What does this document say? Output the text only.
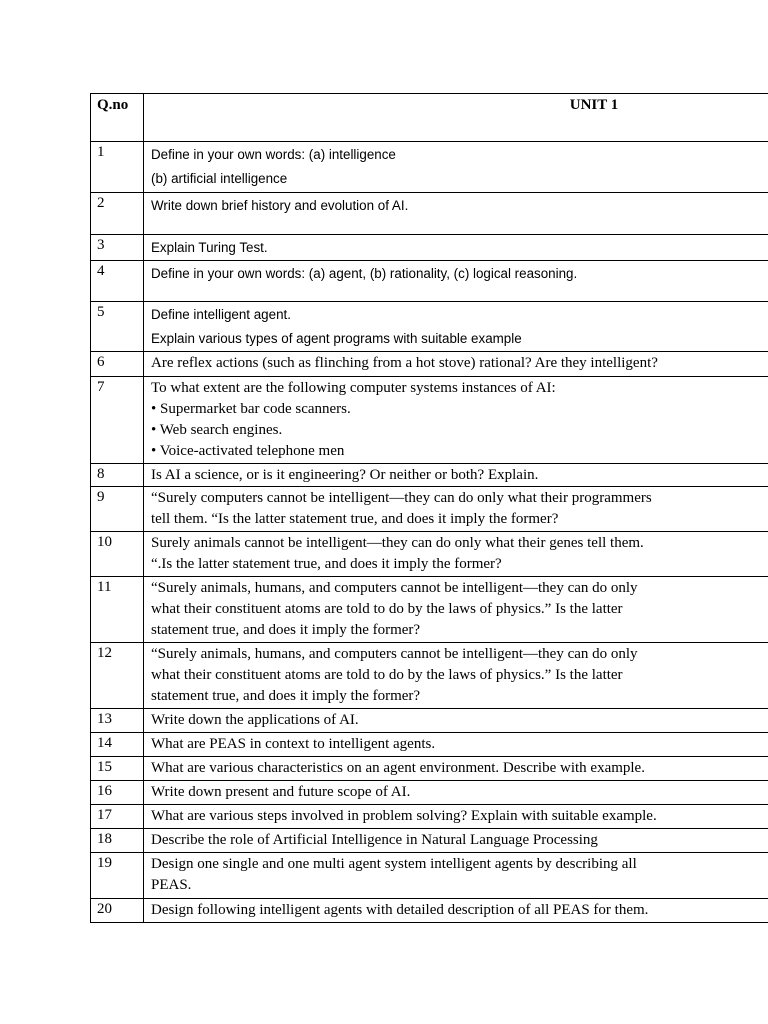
Q.no	UNIT 1
1	Define in your own words: (a) intelligence
(b) artificial intelligence

2	Write down brief history and evolution of AI.

3	Explain Turing Test.

4	Define in your own words: (a) agent, (b) rationality, (c) logical reasoning.

5	Define intelligent agent.
Explain various types of agent programs with suitable example

6	Are reflex actions (such as flinching from a hot stove) rational? Are they intelligent?

7	To what extent are the following computer systems instances of AI:
• Supermarket bar code scanners.
• Web search engines.
• Voice-activated telephone men

8	Is AI a science, or is it engineering? Or neither or both? Explain.

9	“Surely computers cannot be intelligent—they can do only what their programmers
tell them. “Is the latter statement true, and does it imply the former?

10	Surely animals cannot be intelligent—they can do only what their genes tell them.
“.Is the latter statement true, and does it imply the former?

11	“Surely animals, humans, and computers cannot be intelligent—they can do only
what their constituent atoms are told to do by the laws of physics.” Is the latter
statement true, and does it imply the former?

12	“Surely animals, humans, and computers cannot be intelligent—they can do only
what their constituent atoms are told to do by the laws of physics.” Is the latter
statement true, and does it imply the former?

13	Write down the applications of AI.

14	What are PEAS in context to intelligent agents.

15	What are various characteristics on an agent environment. Describe with example.

16	Write down present and future scope of AI.

17	What are various steps involved in problem solving? Explain with suitable example.

18	Describe the role of Artificial Intelligence in Natural Language Processing

19	Design one single and one multi agent system intelligent agents by describing all
PEAS.

20	Design following intelligent agents with detailed description of all PEAS for them.
